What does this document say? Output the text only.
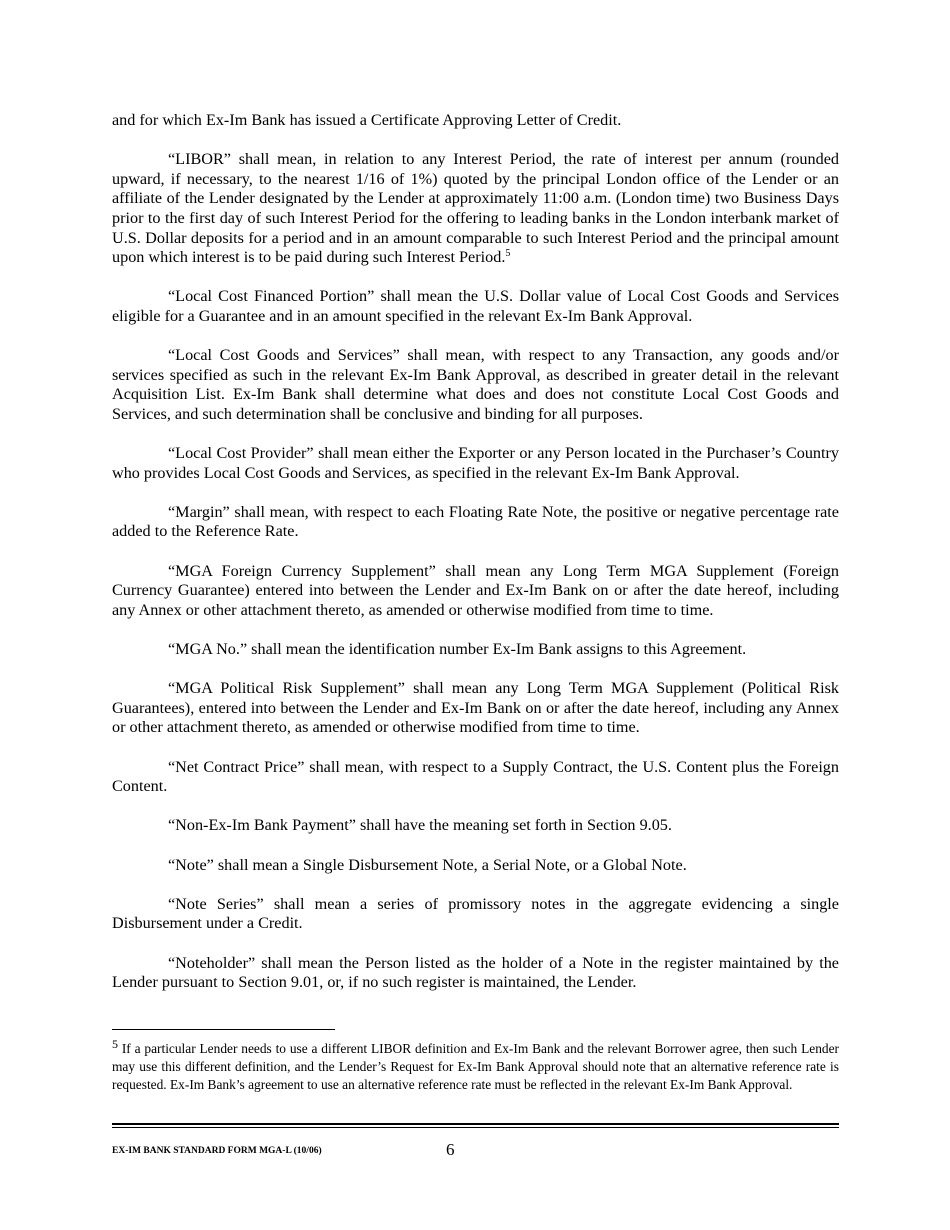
and for which Ex-Im Bank has issued a Certificate Approving Letter of Credit.

“LIBOR” shall mean, in relation to any Interest Period, the rate of interest per annum (rounded upward, if necessary, to the nearest 1/16 of 1%) quoted by the principal London office of the Lender or an affiliate of the Lender designated by the Lender at approximately 11:00 a.m. (London time) two Business Days prior to the first day of such Interest Period for the offering to leading banks in the London interbank market of U.S. Dollar deposits for a period and in an amount comparable to such Interest Period and the principal amount upon which interest is to be paid during such Interest Period.$^5$

“Local Cost Financed Portion” shall mean the U.S. Dollar value of Local Cost Goods and Services eligible for a Guarantee and in an amount specified in the relevant Ex-Im Bank Approval.

“Local Cost Goods and Services” shall mean, with respect to any Transaction, any goods and/or services specified as such in the relevant Ex-Im Bank Approval, as described in greater detail in the relevant Acquisition List. Ex-Im Bank shall determine what does and does not constitute Local Cost Goods and Services, and such determination shall be conclusive and binding for all purposes.

“Local Cost Provider” shall mean either the Exporter or any Person located in the Purchaser’s Country who provides Local Cost Goods and Services, as specified in the relevant Ex-Im Bank Approval.

“Margin” shall mean, with respect to each Floating Rate Note, the positive or negative percentage rate added to the Reference Rate.

“MGA Foreign Currency Supplement” shall mean any Long Term MGA Supplement (Foreign Currency Guarantee) entered into between the Lender and Ex-Im Bank on or after the date hereof, including any Annex or other attachment thereto, as amended or otherwise modified from time to time.

“MGA No.” shall mean the identification number Ex-Im Bank assigns to this Agreement.

“MGA Political Risk Supplement” shall mean any Long Term MGA Supplement (Political Risk Guarantees), entered into between the Lender and Ex-Im Bank on or after the date hereof, including any Annex or other attachment thereto, as amended or otherwise modified from time to time.

“Net Contract Price” shall mean, with respect to a Supply Contract, the U.S. Content plus the Foreign Content.

“Non-Ex-Im Bank Payment” shall have the meaning set forth in Section 9.05.

“Note” shall mean a Single Disbursement Note, a Serial Note, or a Global Note.

“Note Series” shall mean a series of promissory notes in the aggregate evidencing a single Disbursement under a Credit.

“Noteholder” shall mean the Person listed as the holder of a Note in the register maintained by the Lender pursuant to Section 9.01, or, if no such register is maintained, the Lender.

$^5$ If a particular Lender needs to use a different LIBOR definition and Ex-Im Bank and the relevant Borrower agree, then such Lender may use this different definition, and the Lender’s Request for Ex-Im Bank Approval should note that an alternative reference rate is requested. Ex-Im Bank’s agreement to use an alternative reference rate must be reflected in the relevant Ex-Im Bank Approval.

EX-IM BANK STANDARD FORM MGA-L (10/06)	6
